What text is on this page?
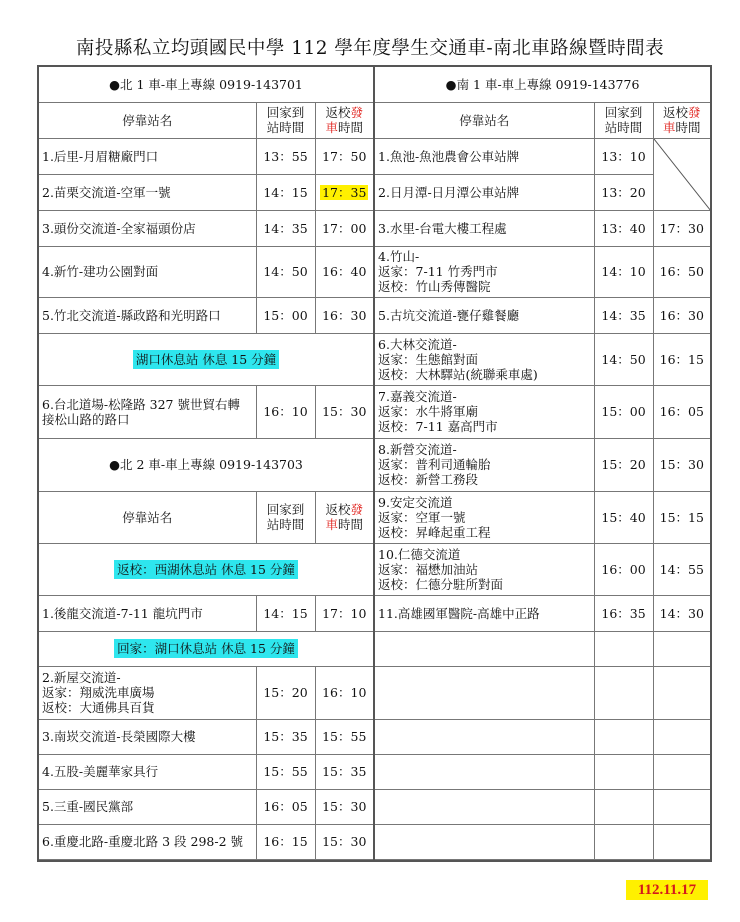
南投縣私立均頭國民中學 112 學年度學生交通車-南北車路線暨時間表
●北 1 車-車上專線 0919-143701
停靠站名	回家到
站時間	返校發
車時間
1.后里-月眉糖廠門口	13：55	17：50
2.苗栗交流道-空軍一號	14：15	17：35
3.頭份交流道-全家福頭份店	14：35	17：00
4.新竹-建功公園對面	14：50	16：40
5.竹北交流道-縣政路和光明路口	15：00	16：30
湖口休息站 休息 15 分鐘
6.台北道場-松隆路 327 號世貿右轉
接松山路的路口	16：10	15：30
●北 2 車-車上專線 0919-143703
停靠站名	回家到
站時間	返校發
車時間
返校：西湖休息站 休息 15 分鐘
1.後龍交流道-7-11 龍坑門市	14：15	17：10
回家：湖口休息站 休息 15 分鐘
2.新屋交流道-
返家：翔威洗車廣場
返校：大通佛具百貨	15：20	16：10
3.南崁交流道-長榮國際大樓	15：35	15：55
4.五股-美麗華家具行	15：55	15：35
5.三重-國民黨部	16：05	15：30
6.重慶北路-重慶北路 3 段 298-2 號	16：15	15：30

●南 1 車-車上專線 0919-143776
停靠站名	回家到
站時間	返校發
車時間
1.魚池-魚池農會公車站牌	13：10	

2.日月潭-日月潭公車站牌	13：20
3.水里-台電大樓工程處	13：40	17：30
4.竹山-
返家：7-11 竹秀門市
返校：竹山秀傳醫院	14：10	16：50
5.古坑交流道-甕仔雞餐廳	14：35	16：30
6.大林交流道-
返家：生態館對面
返校：大林驛站(統聯乘車處)	14：50	16：15
7.嘉義交流道-
返家：水牛將軍廟
返校：7-11 嘉高門市	15：00	16：05
8.新營交流道-
返家：普利司通輪胎
返校：新營工務段	15：20	15：30
9.安定交流道
返家：空軍一號
返校：昇峰起重工程	15：40	15：15
10.仁德交流道
返家：福懋加油站
返校：仁德分駐所對面	16：00	14：55
11.高雄國軍醫院-高雄中正路	16：35	14：30

112.11.17
